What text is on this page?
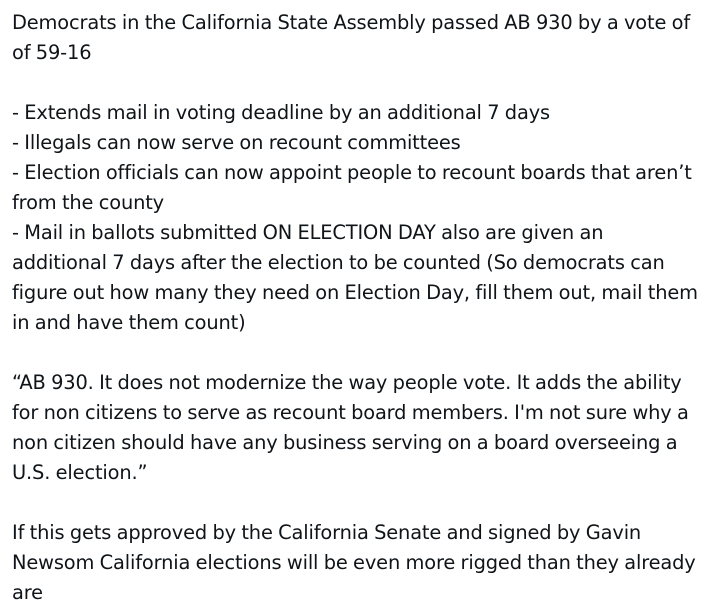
Democrats in the California State Assembly passed AB 930 by a vote of
of 59-16
- Extends mail in voting deadline by an additional 7 days
- Illegals can now serve on recount committees
- Election officials can now appoint people to recount boards that aren’t
from the county
- Mail in ballots submitted ON ELECTION DAY also are given an
additional 7 days after the election to be counted (So democrats can
figure out how many they need on Election Day, fill them out, mail them
in and have them count)
“AB 930. It does not modernize the way people vote. It adds the ability
for non citizens to serve as recount board members. I'm not sure why a
non citizen should have any business serving on a board overseeing a
U.S. election.”
If this gets approved by the California Senate and signed by Gavin
Newsom California elections will be even more rigged than they already
are
